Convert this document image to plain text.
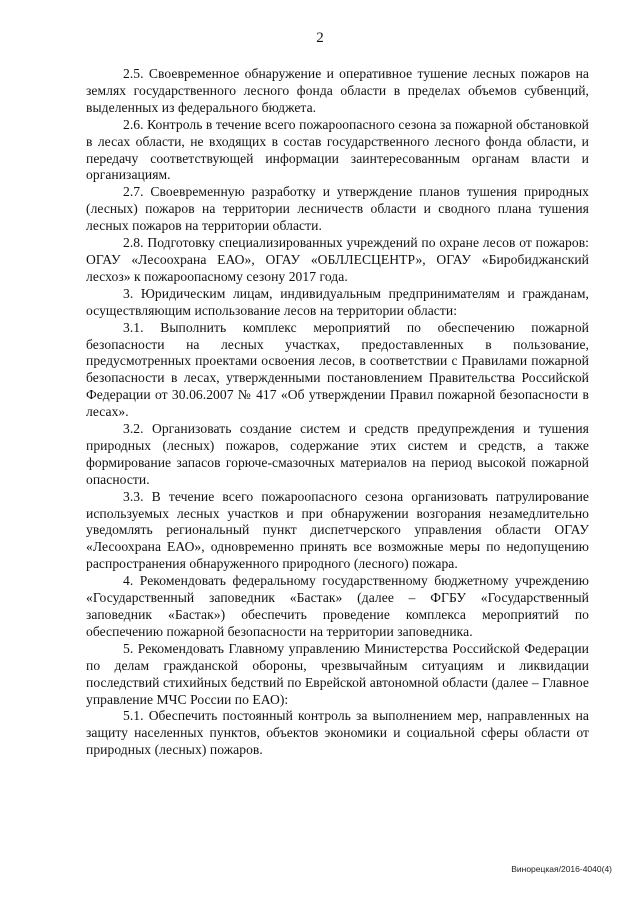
2

2.5. Своевременное обнаружение и оперативное тушение лесных пожаров на землях государственного лесного фонда области в пределах объемов субвенций, выделенных из федерального бюджета.

2.6. Контроль в течение всего пожароопасного сезона за пожарной обстановкой в лесах области, не входящих в состав государственного лесного фонда области, и передачу соответствующей информации заинтересованным органам власти и организациям.

2.7. Своевременную разработку и утверждение планов тушения природных (лесных) пожаров на территории лесничеств области и сводного плана тушения лесных пожаров на территории области.

2.8. Подготовку специализированных учреждений по охране лесов от пожаров: ОГАУ «Лесоохрана ЕАО», ОГАУ «ОБЛЛЕСЦЕНТР», ОГАУ «Биробиджанский лесхоз» к пожароопасному сезону 2017 года.

3. Юридическим лицам, индивидуальным предпринимателям и гражданам, осуществляющим использование лесов на территории области:

3.1. Выполнить комплекс мероприятий по обеспечению пожарной безопасности на лесных участках, предоставленных в пользование, предусмотренных проектами освоения лесов, в соответствии с Правилами пожарной безопасности в лесах, утвержденными постановлением Правительства Российской Федерации от 30.06.2007 № 417 «Об утверждении Правил пожарной безопасности в лесах».

3.2. Организовать создание систем и средств предупреждения и тушения природных (лесных) пожаров, содержание этих систем и средств, а также формирование запасов горюче-смазочных материалов на период высокой пожарной опасности.

3.3. В течение всего пожароопасного сезона организовать патрулирование используемых лесных участков и при обнаружении возгорания незамедлительно уведомлять региональный пункт диспетчерского управления области ОГАУ «Лесоохрана ЕАО», одновременно принять все возможные меры по недопущению распространения обнаруженного природного (лесного) пожара.

4. Рекомендовать федеральному государственному бюджетному учреждению «Государственный заповедник «Бастак» (далее – ФГБУ «Государственный заповедник «Бастак») обеспечить проведение комплекса мероприятий по обеспечению пожарной безопасности на территории заповедника.

5. Рекомендовать Главному управлению Министерства Российской Федерации по делам гражданской обороны, чрезвычайным ситуациям и ликвидации последствий стихийных бедствий по Еврейской автономной области (далее – Главное управление МЧС России по ЕАО):

5.1. Обеспечить постоянный контроль за выполнением мер, направленных на защиту населенных пунктов, объектов экономики и социальной сферы области от природных (лесных) пожаров.

Винорецкая/2016-4040(4)
